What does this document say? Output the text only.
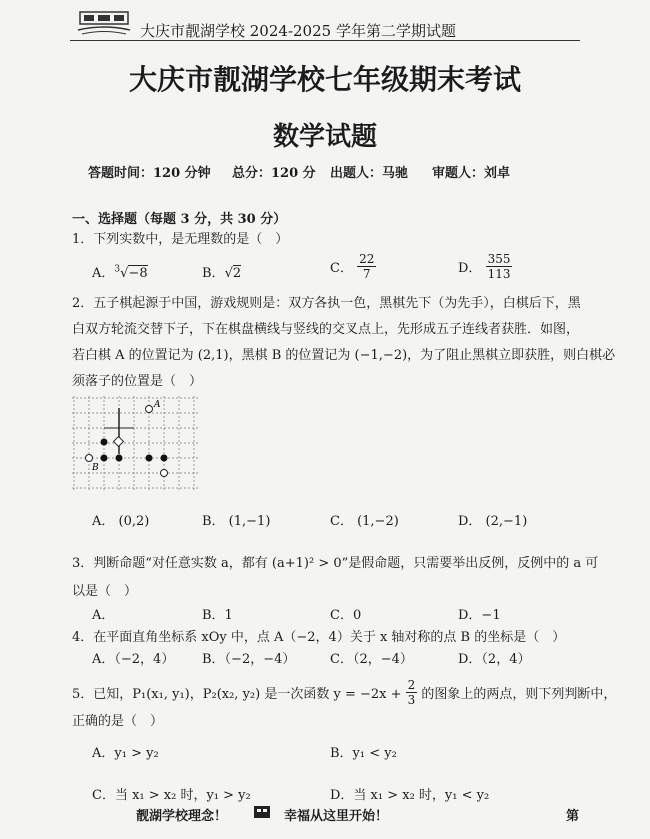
大庆市靓湖学校 2024-2025 学年第二学期试题
大庆市靓湖学校七年级期末考试
数学试题
答题时间：120 分钟 总分：120 分 出题人：马驰 审题人：刘卓
一、选择题（每题 3 分，共 30 分）
1．下列实数中，是无理数的是（　）
A．$^3$√−8	B．√2	C． $\frac{22}{7}$	D． $\frac{355}{113}$
2．五子棋起源于中国，游戏规则是：双方各执一色，黑棋先下（为先手），白棋后下，黑
白双方轮流交替下子，下在棋盘横线与竖线的交叉点上，先形成五子连线者获胜．如图，
若白棋 A 的位置记为 (2,1)，黑棋 B 的位置记为 (−1,−2)，为了阻止黑棋立即获胜，则白棋必
须落子的位置是（　）
A
B
A． (0,2)	B． (1,−1)	C． (1,−2)	D． (2,−1)
3．判断命题“对任意实数 a，都有 (a+1)² > 0”是假命题，只需要举出反例，反例中的 a 可
以是（　）
A．	B．1	C．0	D．−1
4．在平面直角坐标系 xOy 中，点 A（−2，4）关于 x 轴对称的点 B 的坐标是（　）
A．（−2，4） B．（−2，−4）	C．（2，−4）	D．（2，4）
5．已知，P₁(x₁, y₁)，P₂(x₂, y₂) 是一次函数 $y = -2x + \frac{2}{3}$ 的图象上的两点，则下列判断中，
正确的是（　）
A．y₁ > y₂	B．y₁ < y₂
C．当 x₁ > x₂ 时，y₁ > y₂	D．当 x₁ > x₂ 时，y₁ < y₂
靓湖学校理念！	幸福从这里开始！	第
